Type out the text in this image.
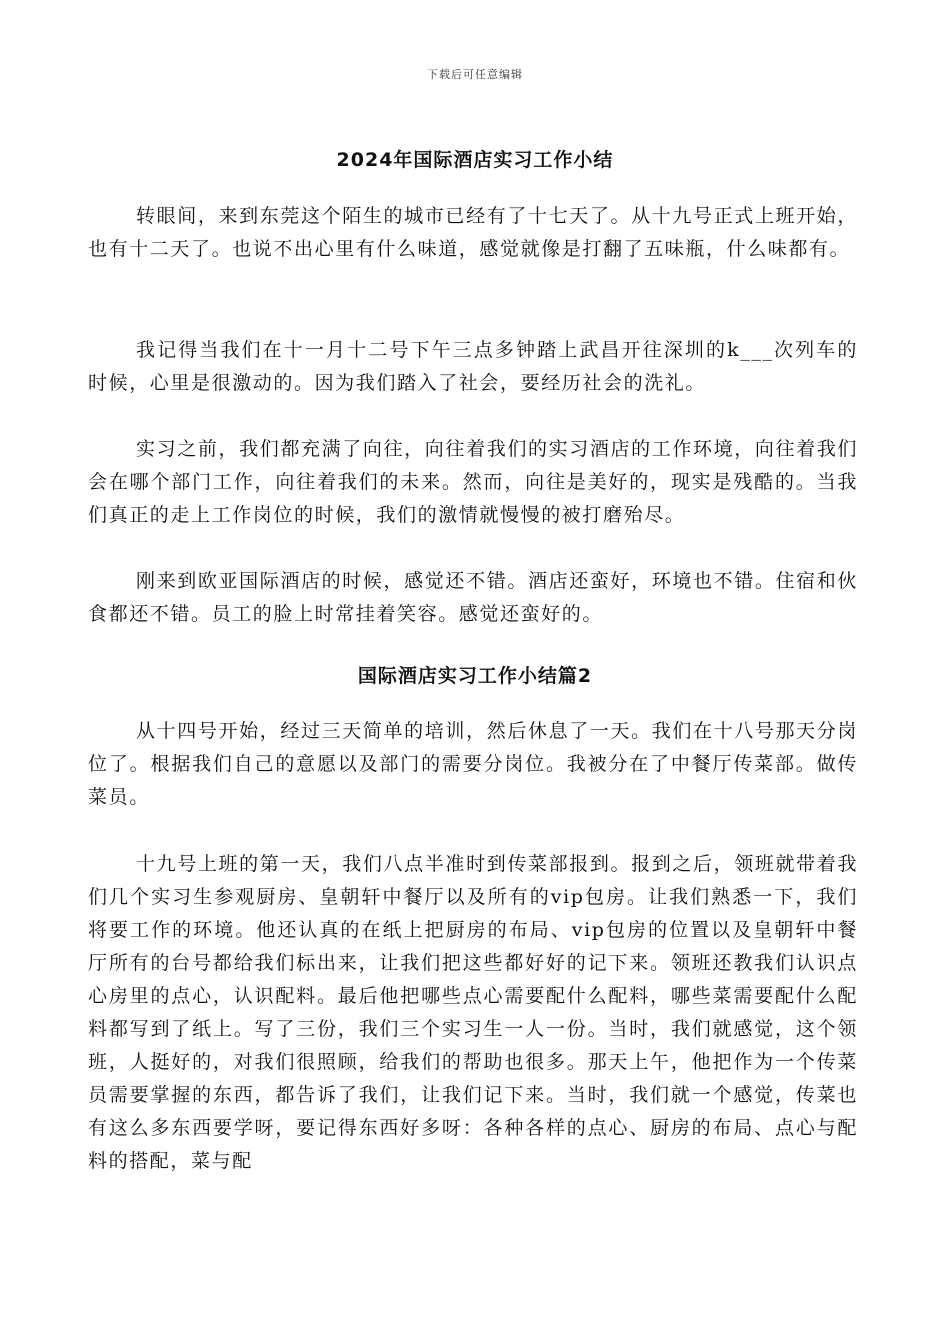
下载后可任意编辑
2024年国际酒店实习工作小结

转眼间，来到东莞这个陌生的城市已经有了十七天了。从十九号正式上班开始，也有十二天了。也说不出心里有什么味道，感觉就像是打翻了五味瓶，什么味都有。

我记得当我们在十一月十二号下午三点多钟踏上武昌开往深圳的k___次列车的时候，心里是很激动的。因为我们踏入了社会，要经历社会的洗礼。

实习之前，我们都充满了向往，向往着我们的实习酒店的工作环境，向往着我们会在哪个部门工作，向往着我们的未来。然而，向往是美好的，现实是残酷的。当我们真正的走上工作岗位的时候，我们的激情就慢慢的被打磨殆尽。

刚来到欧亚国际酒店的时候，感觉还不错。酒店还蛮好，环境也不错。住宿和伙食都还不错。员工的脸上时常挂着笑容。感觉还蛮好的。

国际酒店实习工作小结篇2

从十四号开始，经过三天简单的培训，然后休息了一天。我们在十八号那天分岗位了。根据我们自己的意愿以及部门的需要分岗位。我被分在了中餐厅传菜部。做传菜员。

十九号上班的第一天，我们八点半准时到传菜部报到。报到之后，领班就带着我们几个实习生参观厨房、皇朝轩中餐厅以及所有的vip包房。让我们熟悉一下，我们将要工作的环境。他还认真的在纸上把厨房的布局、vip包房的位置以及皇朝轩中餐厅所有的台号都给我们标出来，让我们把这些都好好的记下来。领班还教我们认识点心房里的点心，认识配料。最后他把哪些点心需要配什么配料，哪些菜需要配什么配料都写到了纸上。写了三份，我们三个实习生一人一份。当时，我们就感觉，这个领班，人挺好的，对我们很照顾，给我们的帮助也很多。那天上午，他把作为一个传菜员需要掌握的东西，都告诉了我们，让我们记下来。当时，我们就一个感觉，传菜也有这么多东西要学呀，要记得东西好多呀：各种各样的点心、厨房的布局、点心与配料的搭配，菜与配
